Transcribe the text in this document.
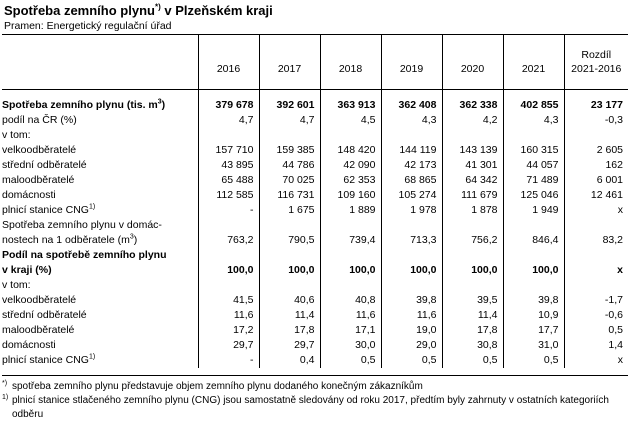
Spotřeba zemního plynu*) v Plzeňském kraji
Pramen: Energetický regulační úřad
	2016	2017	2018	2019	2020	2021	Rozdíl
2021-2016

Spotřeba zemního plynu (tis. $m^3$)	379 678	392 601	363 913	362 408	362 338	402 855	23 177
podíl na ČR (%)	4,7	4,7	4,5	4,3	4,2	4,3	-0,3
v tom:							
velkoodběratelé	157 710	159 385	148 420	144 119	143 139	160 315	2 605
střední odběratelé	43 895	44 786	42 090	42 173	41 301	44 057	162
maloodběratelé	65 488	70 025	62 353	68 865	64 342	71 489	6 001
domácnosti	112 585	116 731	109 160	105 274	111 679	125 046	12 461
plnicí stanice CNG$^{1)}$	-	1 675	1 889	1 978	1 878	1 949	x
Spotřeba zemního plynu v domác-							
nostech na 1 odběratele $(m^3)$	763,2	790,5	739,4	713,3	756,2	846,4	83,2
Podíl na spotřebě zemního plynu							
v kraji (%)	100,0	100,0	100,0	100,0	100,0	100,0	x
v tom:							
velkoodběratelé	41,5	40,6	40,8	39,8	39,5	39,8	-1,7
střední odběratelé	11,6	11,4	11,6	11,6	11,4	10,9	-0,6
maloodběratelé	17,2	17,8	17,1	19,0	17,8	17,7	0,5
domácnosti	29,7	29,7	30,0	29,0	30,8	31,0	1,4
plnicí stanice CNG$^{1)}$	-	0,4	0,5	0,5	0,5	0,5	x
*) spotřeba zemního plynu představuje objem zemního plynu dodaného konečným zákazníkům
1) plnicí stanice stlačeného zemního plynu (CNG) jsou samostatně sledovány od roku 2017, předtím byly zahrnuty v ostatních kategoriích odběru
